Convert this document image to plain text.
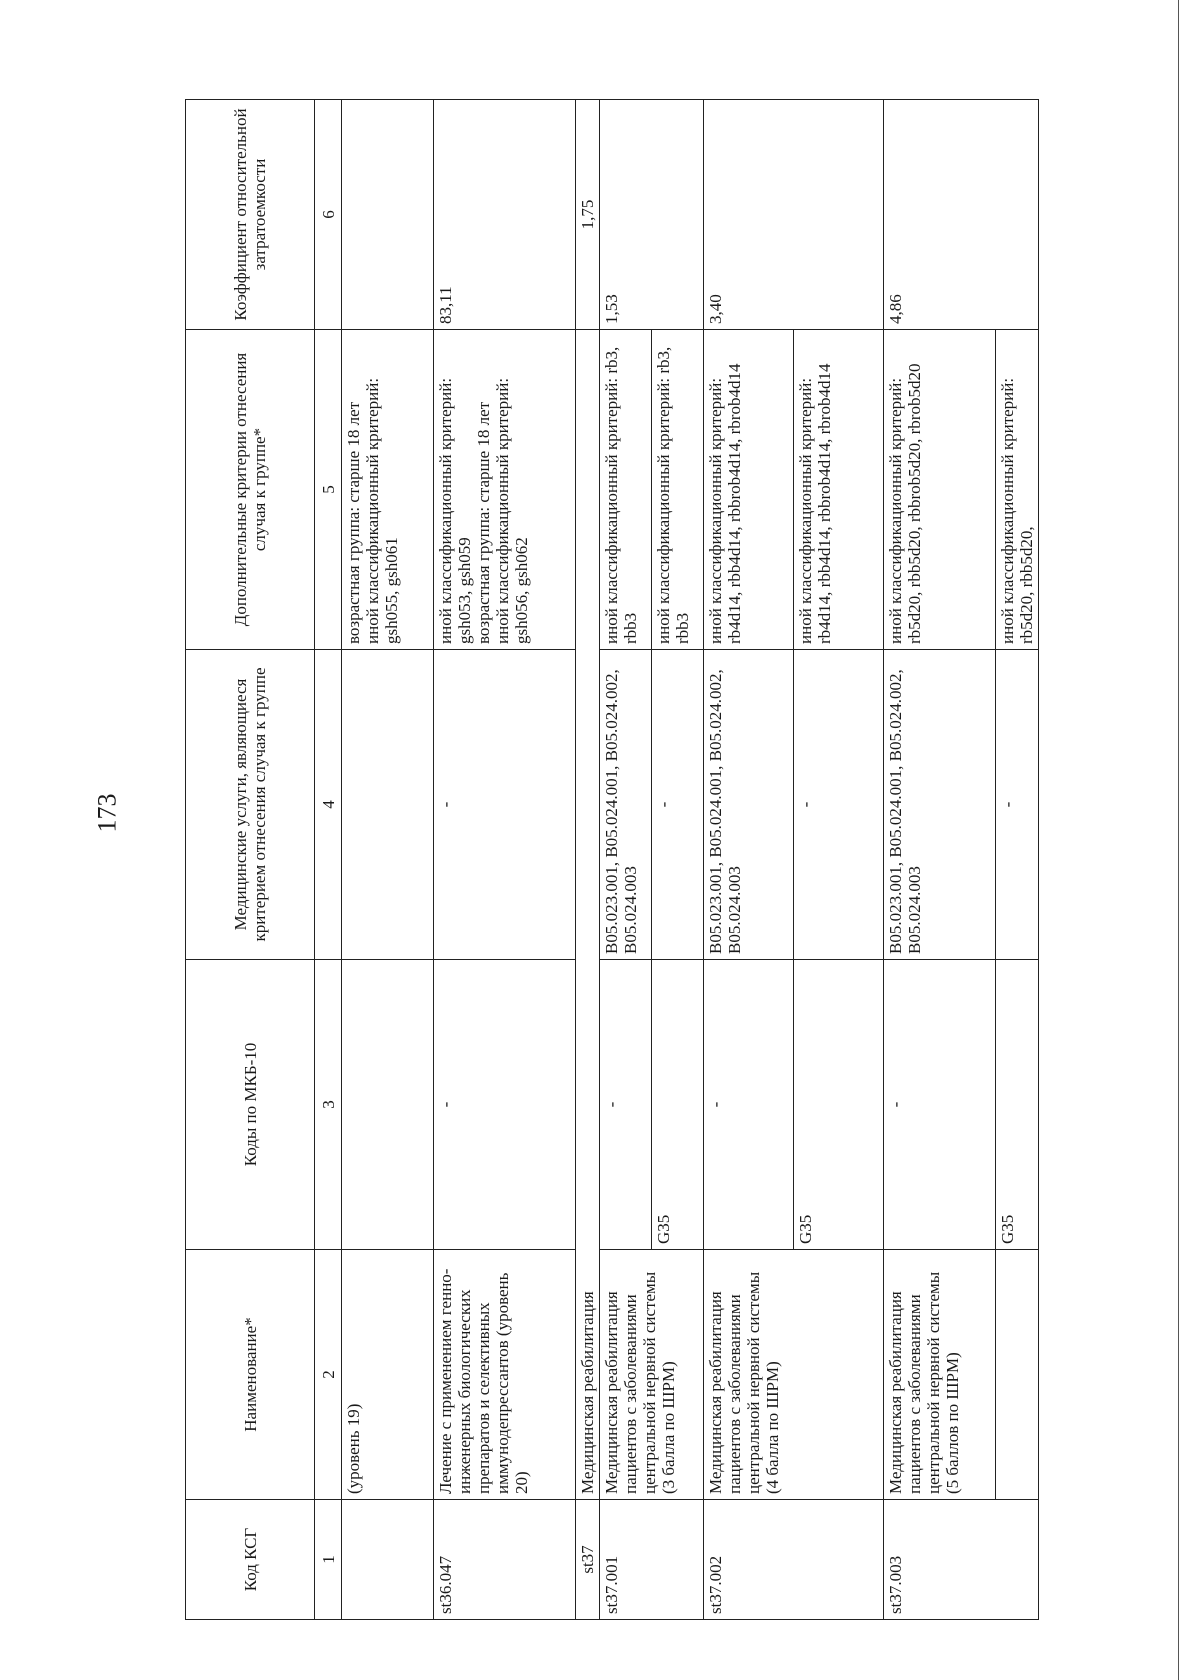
173
Код КСГ	Наименование*	Коды по МКБ-10	Медицинские услуги, являющиеся критерием отнесения случая к группе	Дополнительные критерии отнесения случая к группе*	Коэффициент относительной затратоемкости
1	2	3	4	5	6
	(уровень 19)			возрастная группа: старше 18 лет
иной классификационный критерий: gsh055, gsh061	
st36.047	Лечение с применением генно-инженерных биологических препаратов и селективных иммунодепрессантов (уровень 20)	-	-	иной классификационный критерий: gsh053, gsh059
возрастная группа: старше 18 лет
иной классификационный критерий: gsh056, gsh062	83,11
st37	Медицинская реабилитация				1,75
st37.001	Медицинская реабилитация пациентов с заболеваниями центральной нервной системы (3 балла по ШРМ)	-	B05.023.001, B05.024.001, B05.024.002, B05.024.003	иной классификационный критерий: rb3, rbb3	1,53
		G35	-	иной классификационный критерий: rb3, rbb3	
st37.002	Медицинская реабилитация пациентов с заболеваниями центральной нервной системы (4 балла по ШРМ)	-	B05.023.001, B05.024.001, B05.024.002, B05.024.003	иной классификационный критерий: rb4d14, rbb4d14, rbbrob4d14, rbrob4d14	3,40
		G35	-	иной классификационный критерий: rb4d14, rbb4d14, rbbrob4d14, rbrob4d14	
st37.003	Медицинская реабилитация пациентов с заболеваниями центральной нервной системы (5 баллов по ШРМ)	-	B05.023.001, B05.024.001, B05.024.002, B05.024.003	иной классификационный критерий: rb5d20, rbb5d20, rbbrob5d20, rbrob5d20	4,86
		G35	-	иной классификационный критерий: rb5d20, rbb5d20,	
